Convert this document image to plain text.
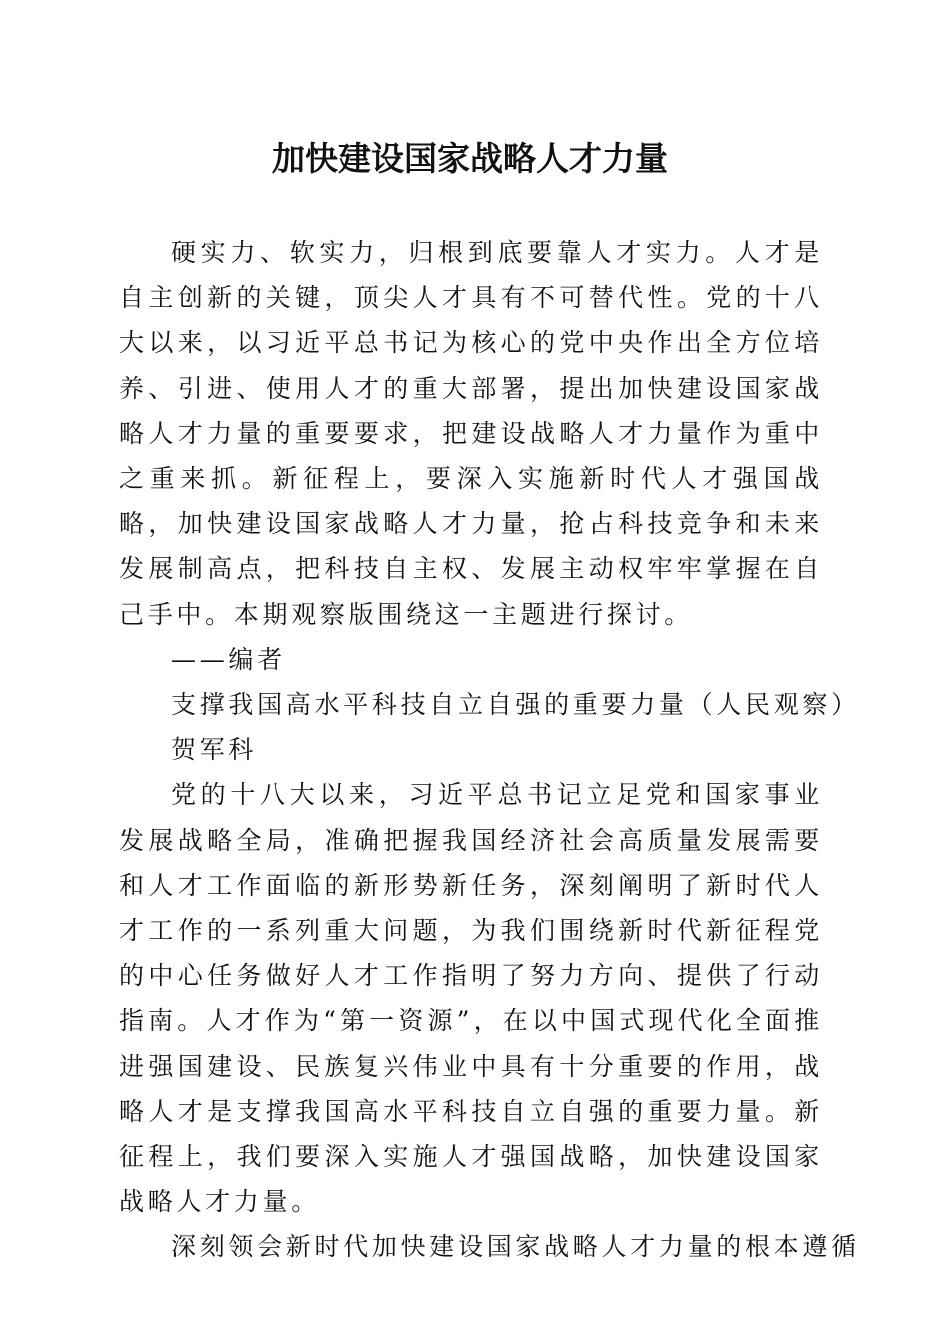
加快建设国家战略人才力量

硬实力、软实力，归根到底要靠人才实力。人才是自主创新的关键，顶尖人才具有不可替代性。党的十八大以来，以习近平总书记为核心的党中央作出全方位培养、引进、使用人才的重大部署，提出加快建设国家战略人才力量的重要要求，把建设战略人才力量作为重中之重来抓。新征程上，要深入实施新时代人才强国战略，加快建设国家战略人才力量，抢占科技竞争和未来发展制高点，把科技自主权、发展主动权牢牢掌握在自己手中。本期观察版围绕这一主题进行探讨。

——编者

支撑我国高水平科技自立自强的重要力量（人民观察）

贺军科

党的十八大以来，习近平总书记立足党和国家事业发展战略全局，准确把握我国经济社会高质量发展需要和人才工作面临的新形势新任务，深刻阐明了新时代人才工作的一系列重大问题，为我们围绕新时代新征程党的中心任务做好人才工作指明了努力方向、提供了行动指南。人才作为“第一资源”，在以中国式现代化全面推进强国建设、民族复兴伟业中具有十分重要的作用，战略人才是支撑我国高水平科技自立自强的重要力量。新征程上，我们要深入实施人才强国战略，加快建设国家战略人才力量。

深刻领会新时代加快建设国家战略人才力量的根本遵循
